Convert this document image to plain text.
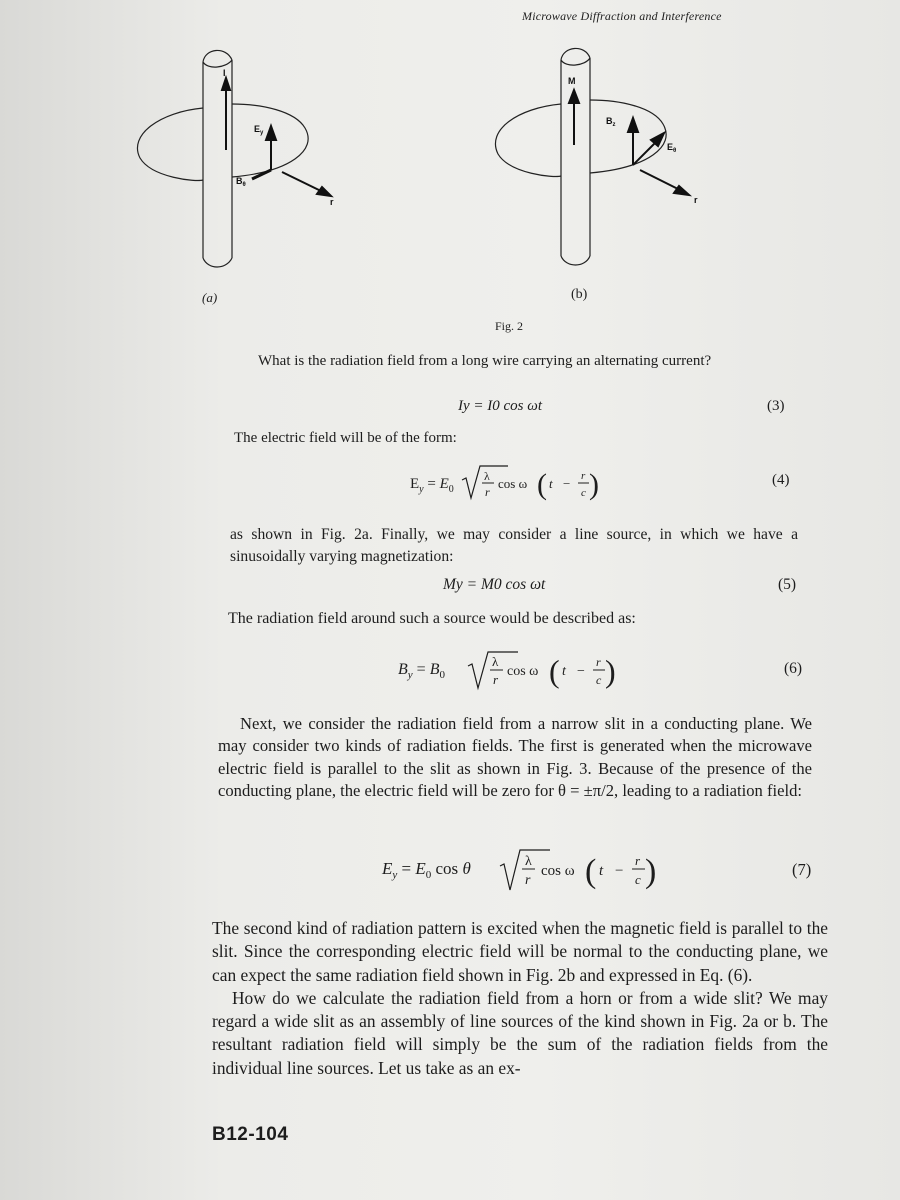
Microwave Diffraction and Interference
I
$E_y$
$B_\theta$
r
M
$B_z$
$E_\theta$
r
(a)	(b)
Fig. 2

What is the radiation field from a long wire carrying an alternating current?

Iy = I0 cos ωt	(3)

The electric field will be of the form:

$E_y = E_0$
λ
r
cos ω ( t − r
c )	(4)

as shown in Fig. 2a. Finally, we may consider a line source, in which we have a sinusoidally varying magnetization:

My = M0 cos ωt	(5)

The radiation field around such a source would be described as:

$B_y = B_0$
λ
r
cos ω ( t −
r
c )	(6)

Next, we consider the radiation field from a narrow slit in a conducting plane. We may consider two kinds of radiation fields. The first is generated when the microwave electric field is parallel to the slit as shown in Fig. 3. Because of the presence of the conducting plane, the electric field will be zero for θ = ±π/2, leading to a radiation field:

$E_y = E_0$ cos θ	λ
r
cos ω ( t −
r
c )	(7)
The second kind of radiation pattern is excited when the magnetic field is parallel to the slit. Since the corresponding electric field will be normal to the conducting plane, we can expect the same radiation field shown in Fig. 2b and expressed in Eq. (6).
How do we calculate the radiation field from a horn or from a wide slit? We may regard a wide slit as an assembly of line sources of the kind shown in Fig. 2a or b. The resultant radiation field will simply be the sum of the radiation fields from the individual line sources. Let us take as an ex-
B12-104
